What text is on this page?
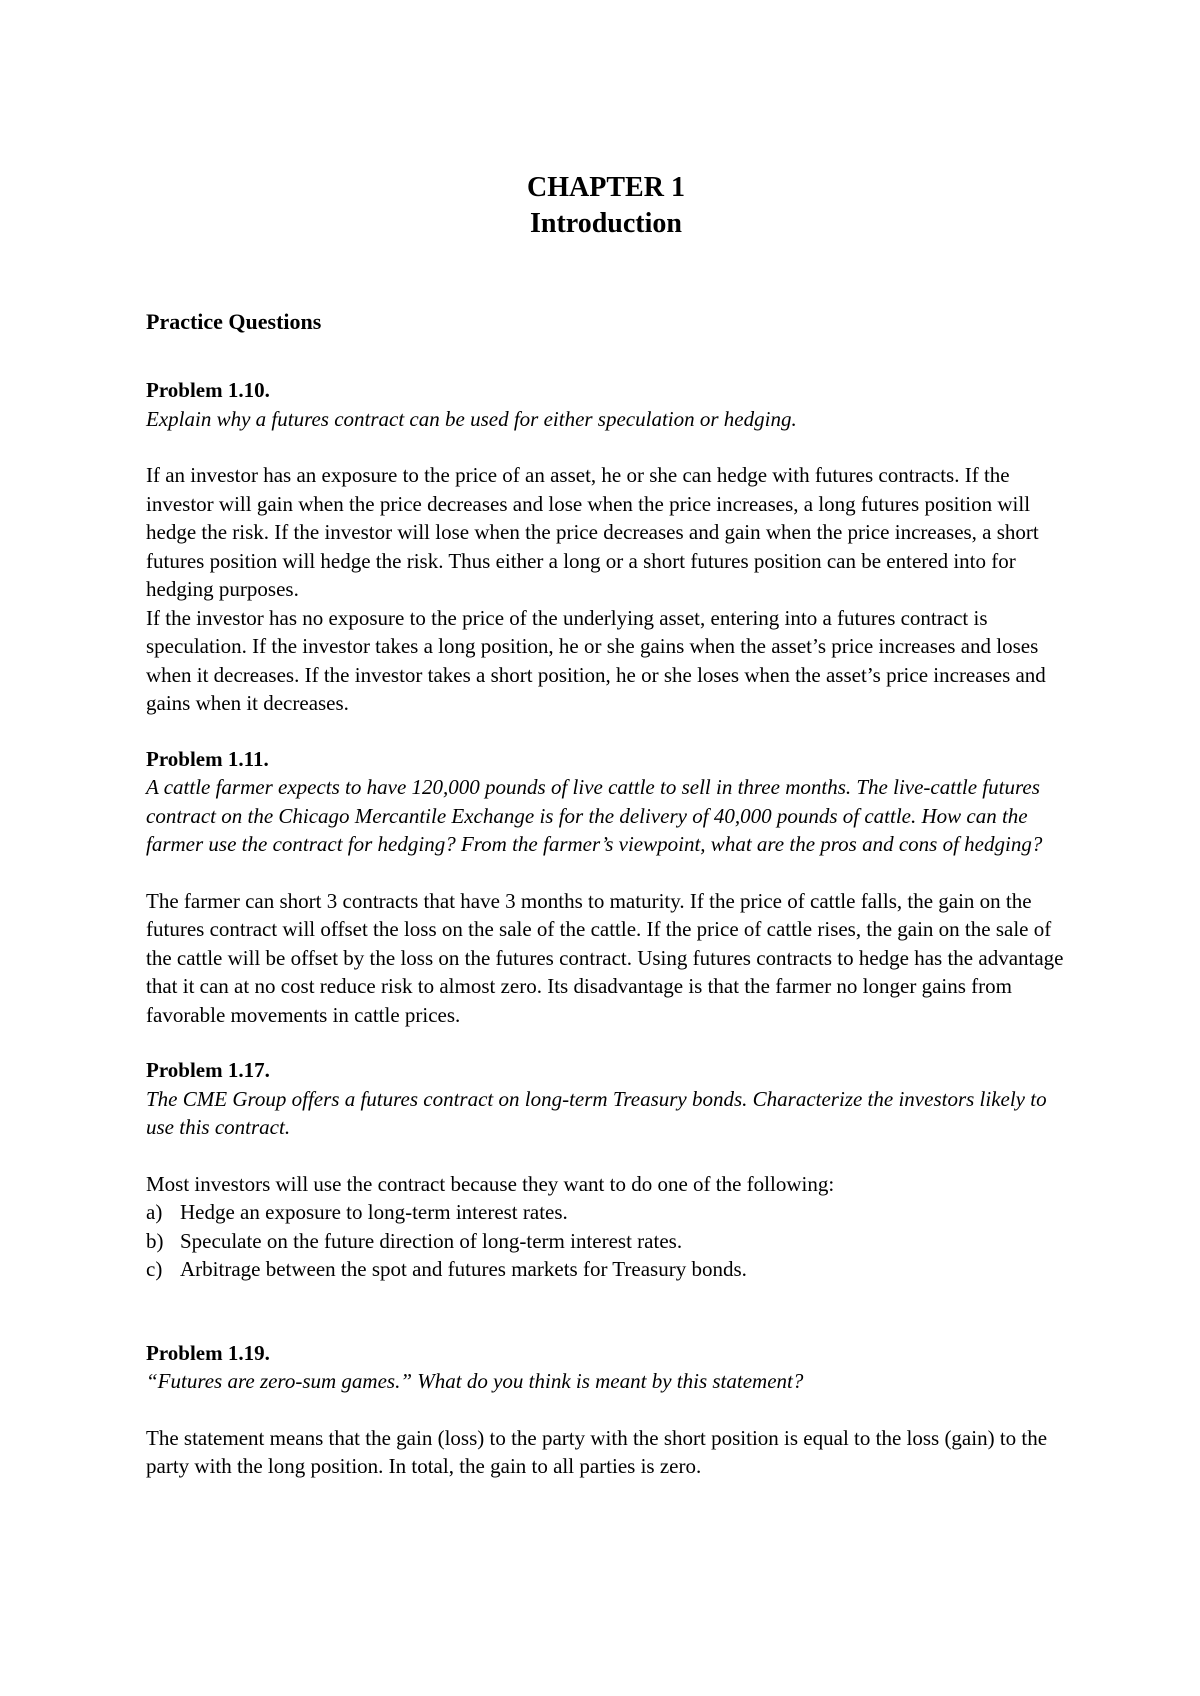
CHAPTER 1
Introduction
Practice Questions

Problem 1.10.

Explain why a futures contract can be used for either speculation or hedging.

If an investor has an exposure to the price of an asset, he or she can hedge with futures contracts. If the investor will gain when the price decreases and lose when the price increases, a long futures position will hedge the risk. If the investor will lose when the price decreases and gain when the price increases, a short futures position will hedge the risk. Thus either a long or a short futures position can be entered into for hedging purposes.

If the investor has no exposure to the price of the underlying asset, entering into a futures contract is speculation. If the investor takes a long position, he or she gains when the asset’s price increases and loses when it decreases. If the investor takes a short position, he or she loses when the asset’s price increases and gains when it decreases.

Problem 1.11.

A cattle farmer expects to have 120,000 pounds of live cattle to sell in three months. The live-cattle futures contract on the Chicago Mercantile Exchange is for the delivery of 40,000 pounds of cattle. How can the farmer use the contract for hedging? From the farmer’s viewpoint, what are the pros and cons of hedging?

The farmer can short 3 contracts that have 3 months to maturity. If the price of cattle falls, the gain on the futures contract will offset the loss on the sale of the cattle. If the price of cattle rises, the gain on the sale of the cattle will be offset by the loss on the futures contract. Using futures contracts to hedge has the advantage that it can at no cost reduce risk to almost zero. Its disadvantage is that the farmer no longer gains from favorable movements in cattle prices.

Problem 1.17.

The CME Group offers a futures contract on long-term Treasury bonds. Characterize the investors likely to use this contract.

Most investors will use the contract because they want to do one of the following:

a) Hedge an exposure to long-term interest rates.
b) Speculate on the future direction of long-term interest rates.
c) Arbitrage between the spot and futures markets for Treasury bonds.

Problem 1.19.

“Futures are zero-sum games.” What do you think is meant by this statement?

The statement means that the gain (loss) to the party with the short position is equal to the loss (gain) to the party with the long position. In total, the gain to all parties is zero.
